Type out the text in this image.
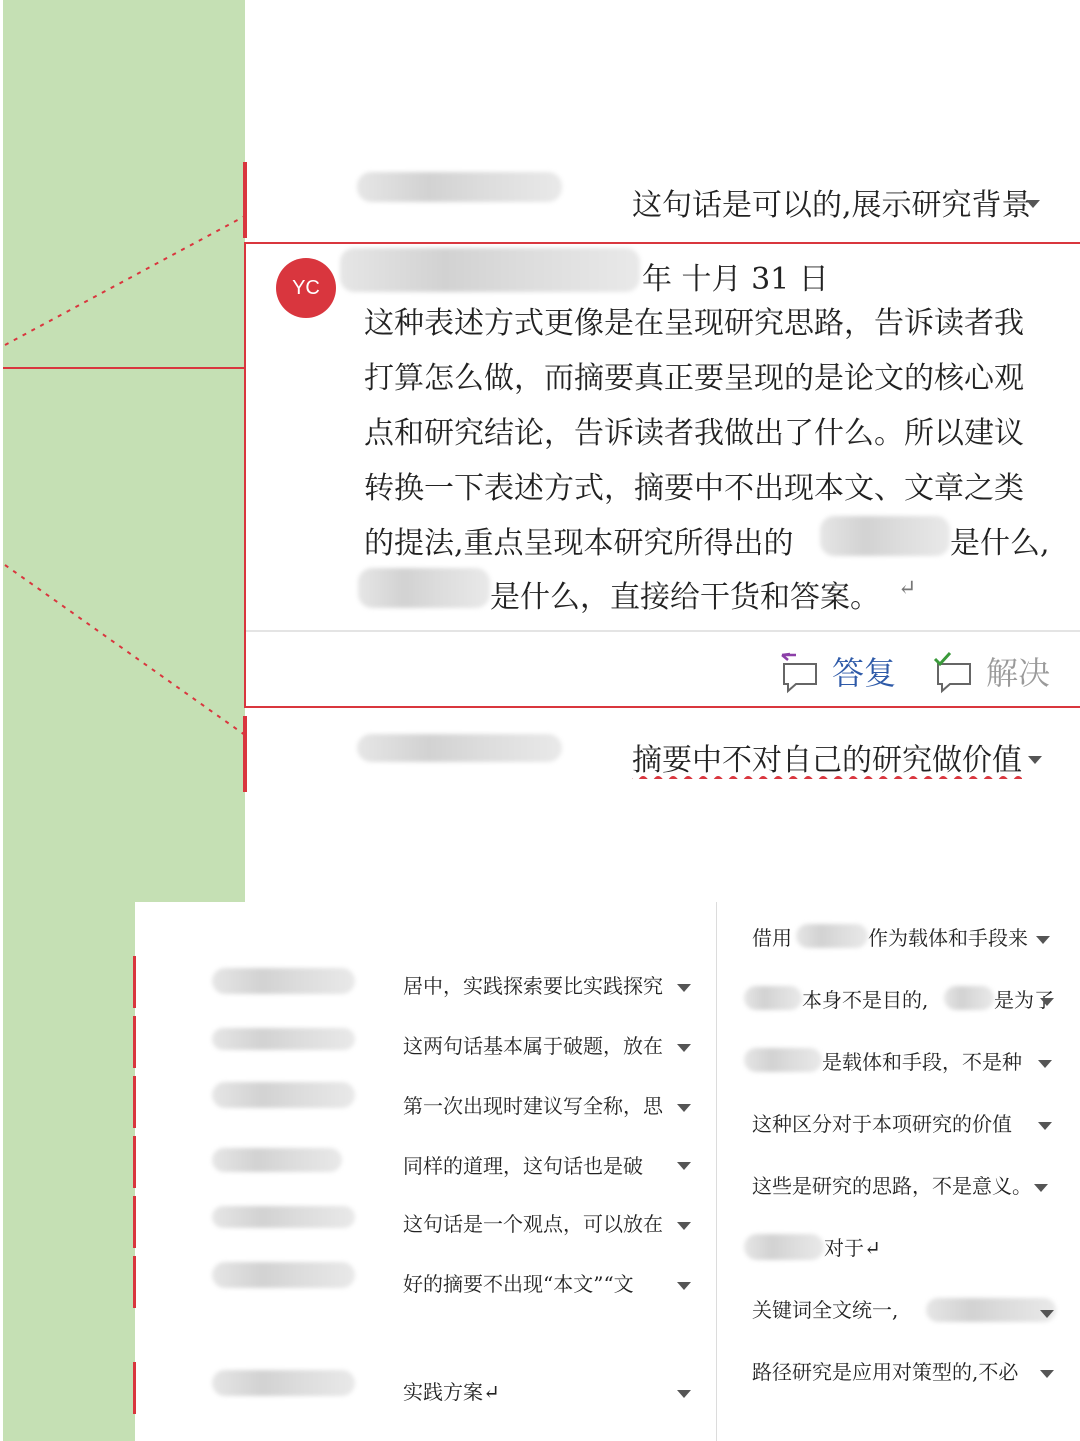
这句话是可以的,展示研究背景
YC	年 十月 31 日
这种表述方式更像是在呈现研究思路，告诉读者我
打算怎么做，而摘要真正要呈现的是论文的核心观
点和研究结论，告诉读者我做出了什么。所以建议
转换一下表述方式，摘要中不出现本文、文章之类
的提法,重点呈现本研究所得出的	是什么,
是什么，直接给干货和答案。 ↵
答复	解决
摘要中不对自己的研究做价值
居中，实践探索要比实践探究
这两句话基本属于破题，放在
第一次出现时建议写全称，思
同样的道理，这句话也是破
这句话是一个观点，可以放在
好的摘要不出现“本文”“文
实践方案↵
借用	作为载体和手段来
本身不是目的,	是为了
是载体和手段，不是种
这种区分对于本项研究的价值
这些是研究的思路，不是意义。
对于↵
关键词全文统一,
路径研究是应用对策型的,不必
